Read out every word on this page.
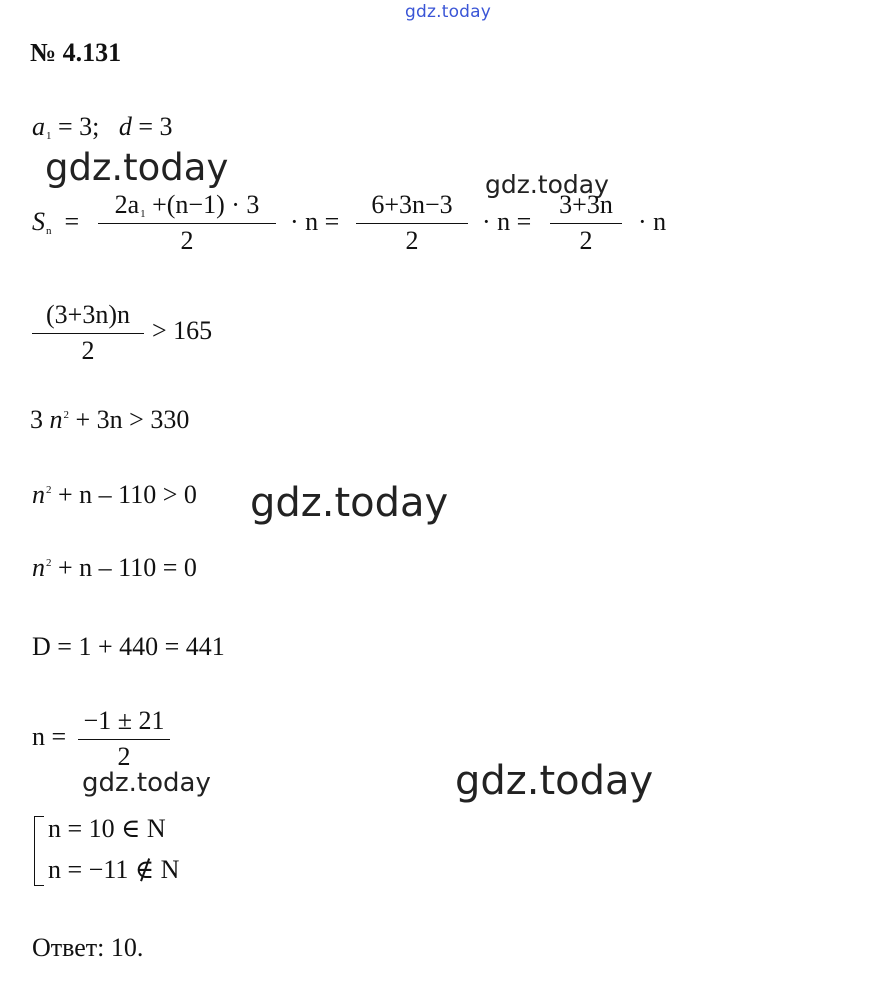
gdz.today
gdz.today	gdz.today
gdz.today
gdz.today	gdz.today
№ 4.131
$a_1 = 3$; d = 3
$S_n$ =
$2a_1 +(n-1) \cdot 3$
2
· n =
6+3n−3
2
· n =
3+3n
2
· n
(3+3n)n
2
> 165
3 $n^2 + 3n > 330$
$n^2 + n - 110 > 0$
$n^2 + n - 110 = 0$
D = 1 + 440 = 441
n =
−1 ± 21
2
n = 10 ∈ N
n = −11 ∉ N
Ответ: 10.
